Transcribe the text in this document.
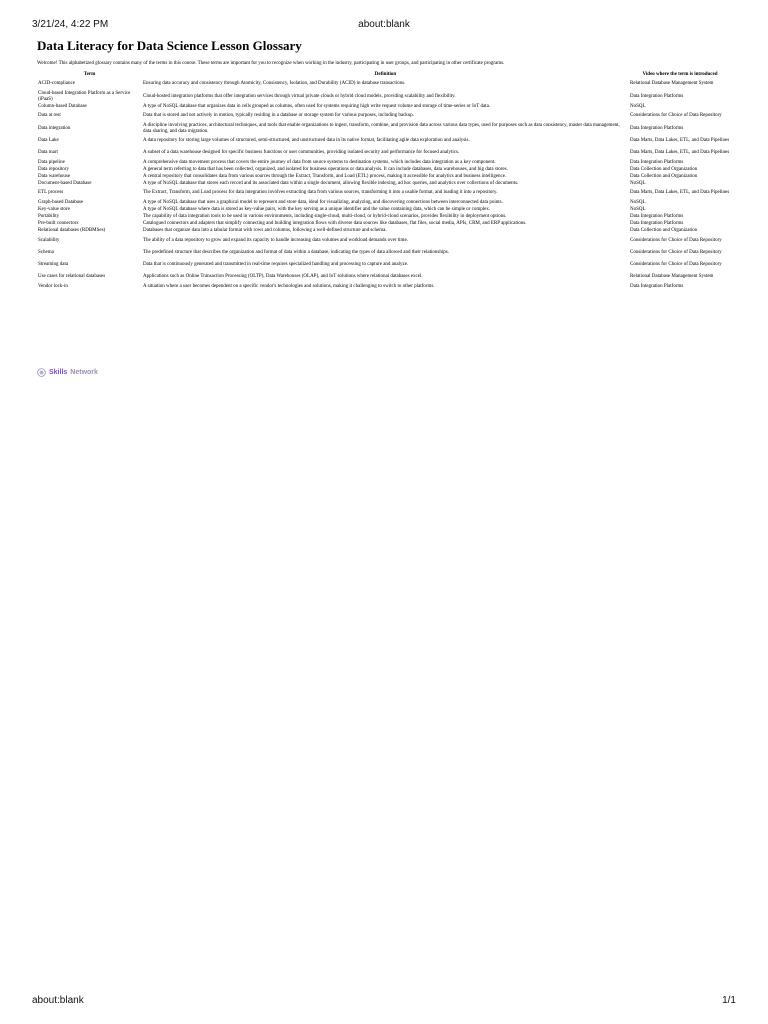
3/21/24, 4:22 PM	about:blank
Data Literacy for Data Science Lesson Glossary

Welcome! This alphabetized glossary contains many of the terms in this course. These terms are important for you to recognize when working in the industry, participating in user groups, and participating in other certificate programs.

Term	Definition	Video where the term is introduced
ACID-compliance	Ensuring data accuracy and consistency through Atomicity, Consistency, Isolation, and Durability (ACID) in database transactions.	Relational Database Management System
Cloud-based Integration Platform as a Service (iPaaS)	Cloud-hosted integration platforms that offer integration services through virtual private clouds or hybrid cloud models, providing scalability and flexibility.	Data Integration Platforms
Column-based Database	A type of NoSQL database that organizes data in cells grouped as columns, often used for systems requiring high write request volume and storage of time-series or IoT data.	NoSQL
Data at rest	Data that is stored and not actively in motion, typically residing in a database or storage system for various purposes, including backup.	Considerations for Choice of Data Repository
Data integration	A discipline involving practices, architectural techniques, and tools that enable organizations to ingest, transform, combine, and provision data across various data types, used for purposes such as data consistency, master data management, data sharing, and data migration.	Data Integration Platforms
Data Lake	A data repository for storing large volumes of structured, semi-structured, and unstructured data in its native format, facilitating agile data exploration and analysis.	Data Marts, Data Lakes, ETL, and Data Pipelines
Data mart	A subset of a data warehouse designed for specific business functions or user communities, providing isolated security and performance for focused analytics.	Data Marts, Data Lakes, ETL, and Data Pipelines
Data pipeline	A comprehensive data movement process that covers the entire journey of data from source systems to destination systems, which includes data integration as a key component.	Data Integration Platforms
Data repository	A general term referring to data that has been collected, organized, and isolated for business operations or data analysis. It can include databases, data warehouses, and big data stores.	Data Collection and Organization
Data warehouse	A central repository that consolidates data from various sources through the Extract, Transform, and Load (ETL) process, making it accessible for analytics and business intelligence.	Data Collection and Organization
Document-based Database	A type of NoSQL database that stores each record and its associated data within a single document, allowing flexible indexing, ad hoc queries, and analytics over collections of documents.	NoSQL
ETL process	The Extract, Transform, and Load process for data integration involves extracting data from various sources, transforming it into a usable format, and loading it into a repository.	Data Marts, Data Lakes, ETL, and Data Pipelines
Graph-based Database	A type of NoSQL database that uses a graphical model to represent and store data, ideal for visualizing, analyzing, and discovering connections between interconnected data points.	NoSQL
Key-value store	A type of NoSQL database where data is stored as key-value pairs, with the key serving as a unique identifier and the value containing data, which can be simple or complex.	NoSQL
Portability	The capability of data integration tools to be used in various environments, including single-cloud, multi-cloud, or hybrid-cloud scenarios, provides flexibility in deployment options.	Data Integration Platforms
Pre-built connectors	Catalogued connectors and adapters that simplify connecting and building integration flows with diverse data sources like databases, flat files, social media, APIs, CRM, and ERP applications.	Data Integration Platforms
Relational databases (RDBMSes)	Databases that organize data into a tabular format with rows and columns, following a well-defined structure and schema.	Data Collection and Organization
Scalability	The ability of a data repository to grow and expand its capacity to handle increasing data volumes and workload demands over time.	Considerations for Choice of Data Repository
Schema	The predefined structure that describes the organization and format of data within a database, indicating the types of data allowed and their relationships.	Considerations for Choice of Data Repository
Streaming data	Data that is continuously generated and transmitted in real-time requires specialized handling and processing to capture and analyze.	Considerations for Choice of Data Repository
Use cases for relational databases	Applications such as Online Transaction Processing (OLTP), Data Warehouses (OLAP), and IoT solutions where relational databases excel.	Relational Database Management System
Vendor lock-in	A situation where a user becomes dependent on a specific vendor's technologies and solutions, making it challenging to switch to other platforms.	Data Integration Platforms
Skills Network
about:blank	1/1
